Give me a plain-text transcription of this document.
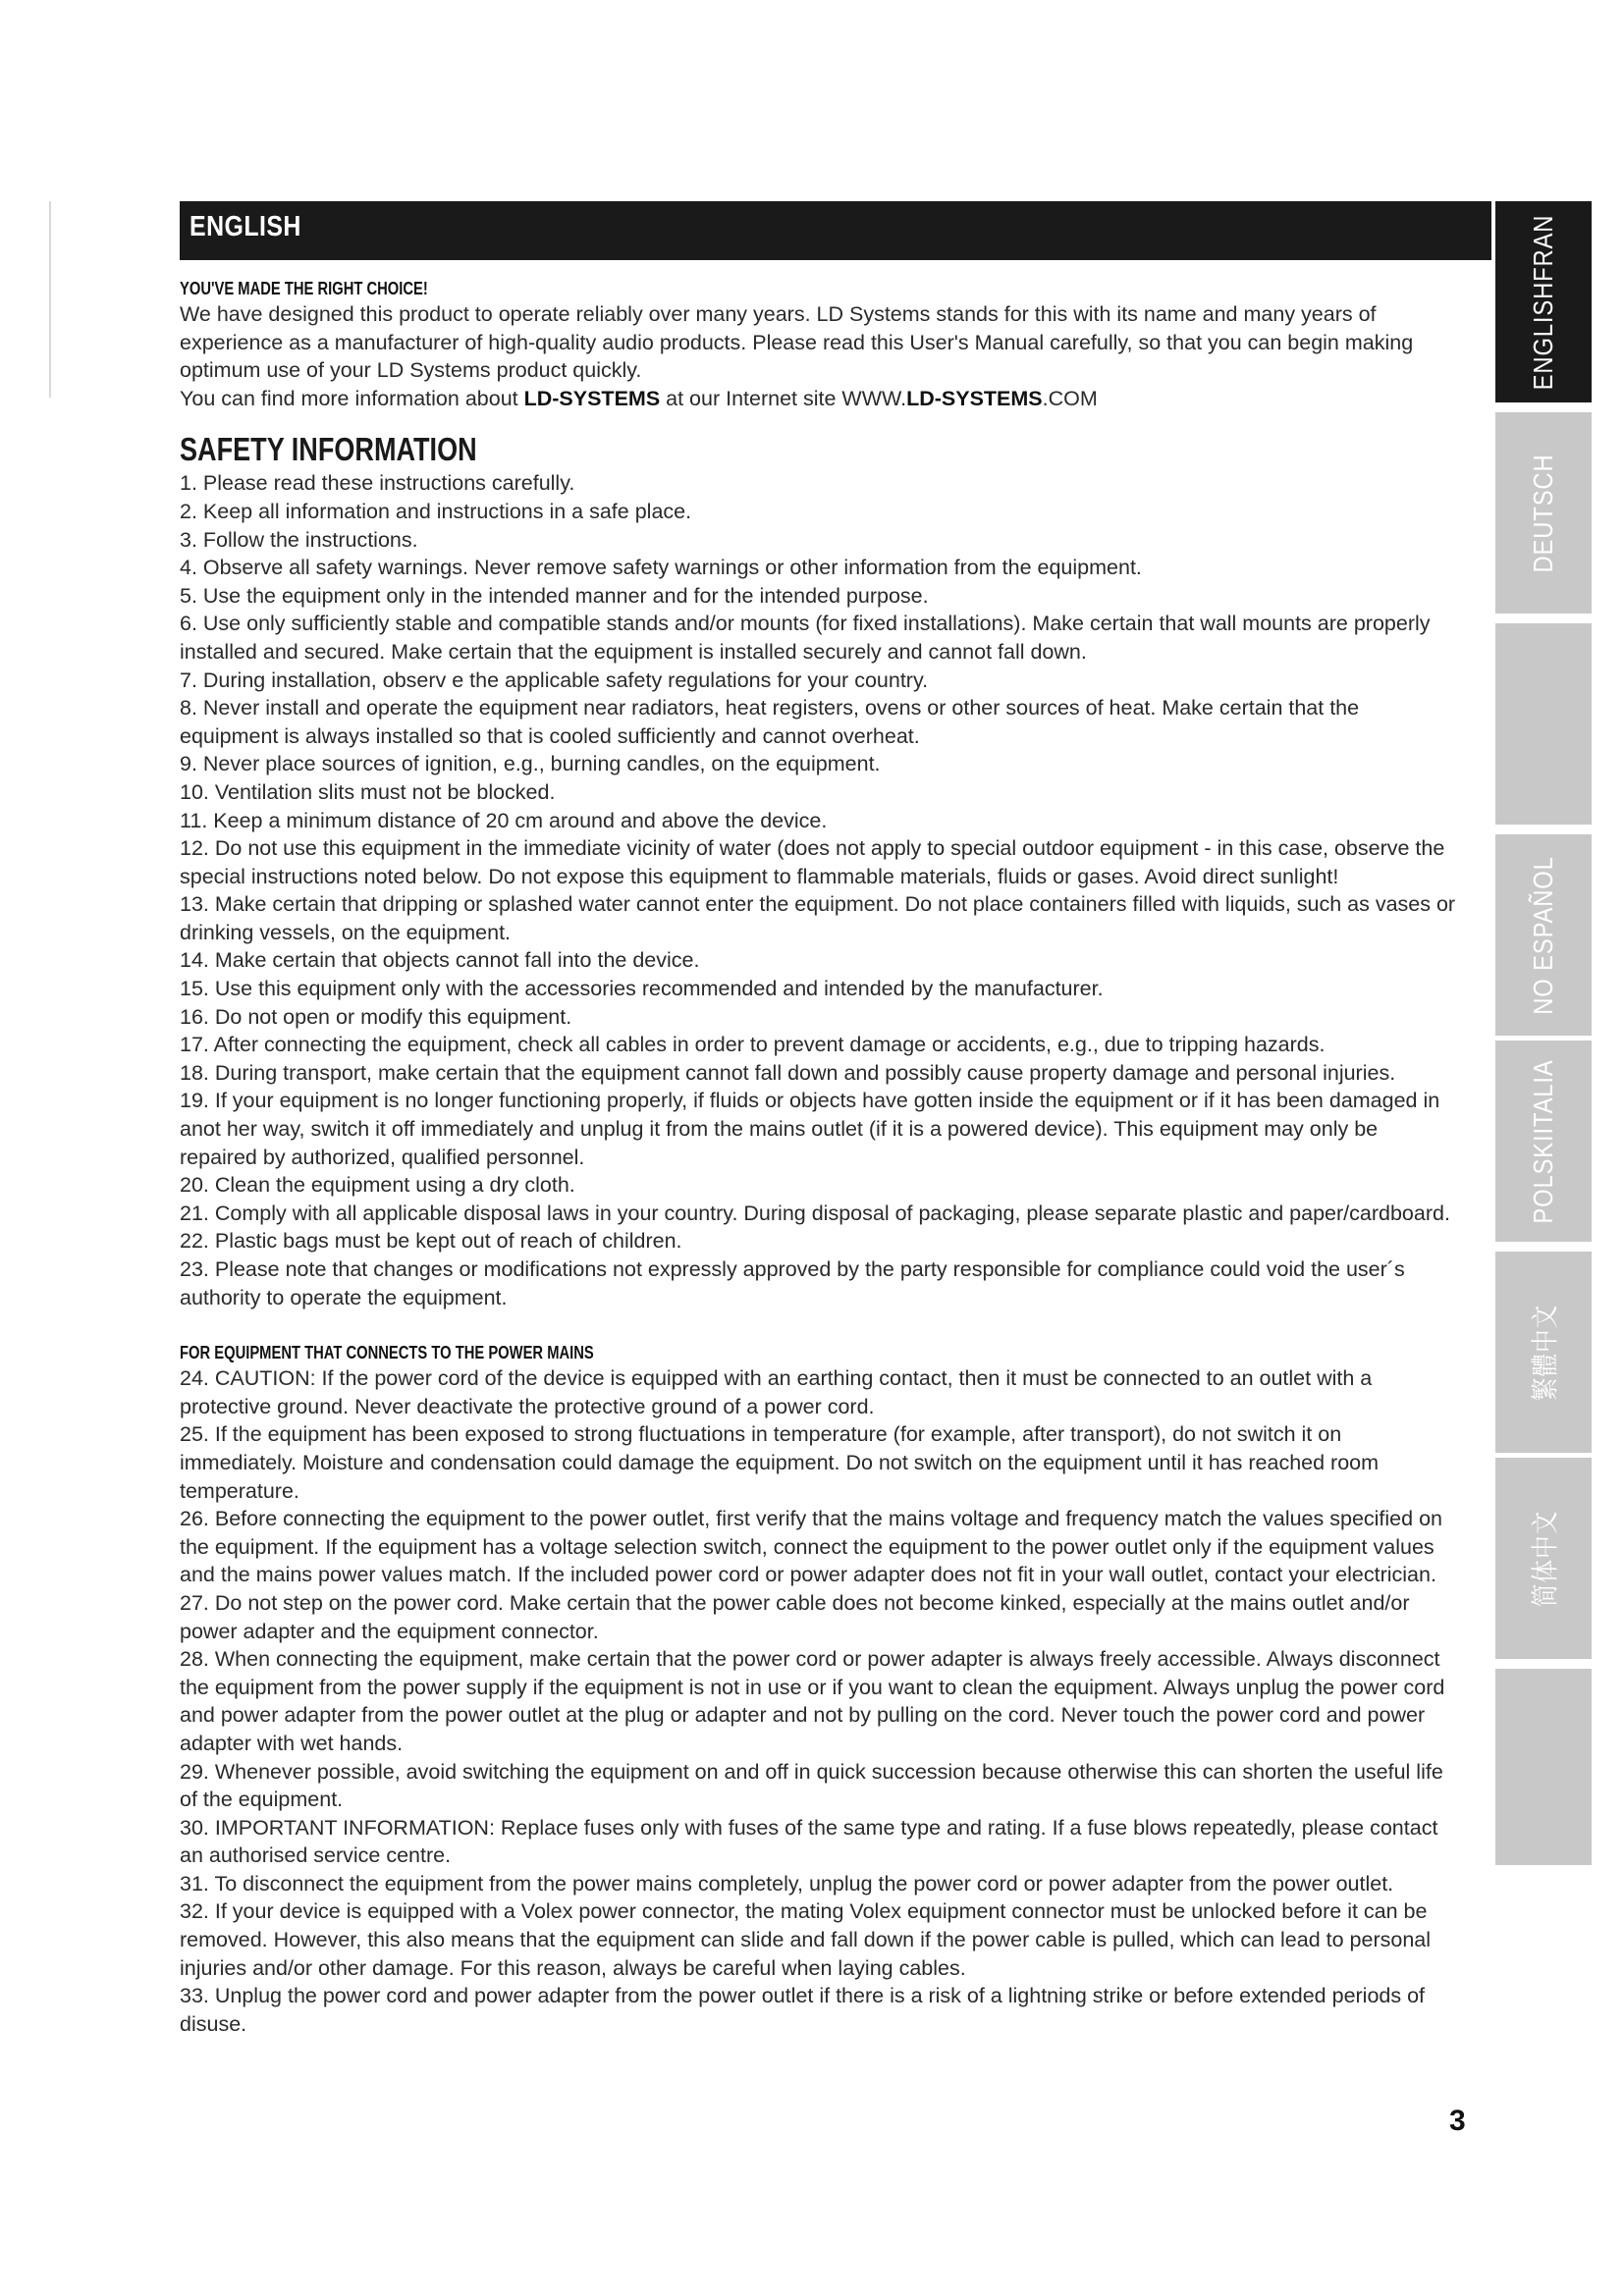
ENGLISH

YOU'VE MADE THE RIGHT CHOICE!

We have designed this product to operate reliably over many years. LD Systems stands for this with its name and many years of experience as a manufacturer of high-quality audio products. Please read this User's Manual carefully, so that you can begin making optimum use of your LD Systems product quickly.

You can find more information about LD-SYSTEMS at our Internet site WWW.LD-SYSTEMS.COM

SAFETY INFORMATION

1. Please read these instructions carefully.
2. Keep all information and instructions in a safe place.
3. Follow the instructions.
4. Observe all safety warnings. Never remove safety warnings or other information from the equipment.
5. Use the equipment only in the intended manner and for the intended purpose.
6. Use only sufficiently stable and compatible stands and/or mounts (for fixed installations). Make certain that wall mounts are properly installed and secured. Make certain that the equipment is installed securely and cannot fall down.
7. During installation, observ e the applicable safety regulations for your country.
8. Never install and operate the equipment near radiators, heat registers, ovens or other sources of heat. Make certain that the equipment is always installed so that is cooled sufficiently and cannot overheat.
9. Never place sources of ignition, e.g., burning candles, on the equipment.
10. Ventilation slits must not be blocked.
11. Keep a minimum distance of 20 cm around and above the device.
12. Do not use this equipment in the immediate vicinity of water (does not apply to special outdoor equipment - in this case, observe the special instructions noted below. Do not expose this equipment to flammable materials, fluids or gases. Avoid direct sunlight!
13. Make certain that dripping or splashed water cannot enter the equipment. Do not place containers filled with liquids, such as vases or drinking vessels, on the equipment.
14. Make certain that objects cannot fall into the device.
15. Use this equipment only with the accessories recommended and intended by the manufacturer.
16. Do not open or modify this equipment.
17. After connecting the equipment, check all cables in order to prevent damage or accidents, e.g., due to tripping hazards.
18. During transport, make certain that the equipment cannot fall down and possibly cause property damage and personal injuries.
19. If your equipment is no longer functioning properly, if fluids or objects have gotten inside the equipment or if it has been damaged in anot her way, switch it off immediately and unplug it from the mains outlet (if it is a powered device). This equipment may only be repaired by authorized, qualified personnel.
20. Clean the equipment using a dry cloth.
21. Comply with all applicable disposal laws in your country. During disposal of packaging, please separate plastic and paper/cardboard.
22. Plastic bags must be kept out of reach of children.
23. Please note that changes or modifications not expressly approved by the party responsible for compliance could void the user´s authority to operate the equipment.

FOR EQUIPMENT THAT CONNECTS TO THE POWER MAINS

24. CAUTION: If the power cord of the device is equipped with an earthing contact, then it must be connected to an outlet with a protective ground. Never deactivate the protective ground of a power cord.
25. If the equipment has been exposed to strong fluctuations in temperature (for example, after transport), do not switch it on immediately. Moisture and condensation could damage the equipment. Do not switch on the equipment until it has reached room temperature.
26. Before connecting the equipment to the power outlet, first verify that the mains voltage and frequency match the values specified on the equipment. If the equipment has a voltage selection switch, connect the equipment to the power outlet only if the equipment values and the mains power values match. If the included power cord or power adapter does not fit in your wall outlet, contact your electrician.
27. Do not step on the power cord. Make certain that the power cable does not become kinked, especially at the mains outlet and/or power adapter and the equipment connector.
28. When connecting the equipment, make certain that the power cord or power adapter is always freely accessible. Always disconnect the equipment from the power supply if the equipment is not in use or if you want to clean the equipment. Always unplug the power cord and power adapter from the power outlet at the plug or adapter and not by pulling on the cord. Never touch the power cord and power adapter with wet hands.
29. Whenever possible, avoid switching the equipment on and off in quick succession because otherwise this can shorten the useful life of the equipment.
30. IMPORTANT INFORMATION: Replace fuses only with fuses of the same type and rating. If a fuse blows repeatedly, please contact an authorised service centre.
31. To disconnect the equipment from the power mains completely, unplug the power cord or power adapter from the power outlet.
32. If your device is equipped with a Volex power connector, the mating Volex equipment connector must be unlocked before it can be removed. However, this also means that the equipment can slide and fall down if the power cable is pulled, which can lead to personal injuries and/or other damage. For this reason, always be careful when laying cables.
33. Unplug the power cord and power adapter from the power outlet if there is a risk of a lightning strike or before extended periods of disuse.
ENGLISHFRAN
DEUTSCH
NO ESPAÑOL
POLSKIITALIA
繁體中文
简体中文
3
